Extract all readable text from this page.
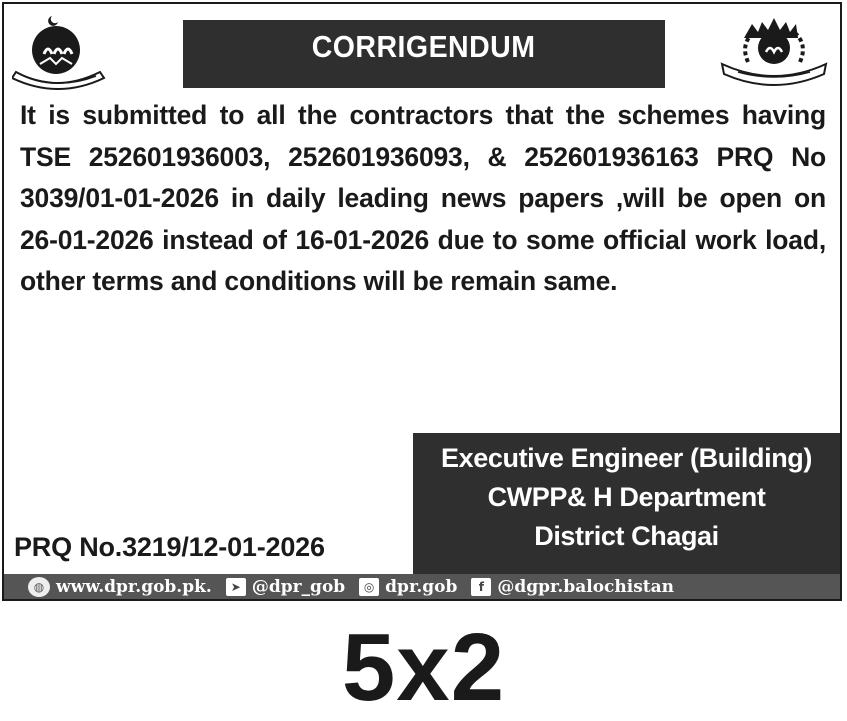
CORRIGENDUM

It is submitted to all the contractors that the schemes having TSE 252601936003, 252601936093, & 252601936163 PRQ No 3039/01-01-2026 in daily leading news papers ,will be open on 26-01-2026 instead of 16-01-2026 due to some official work load, other terms and conditions will be remain same.

Executive Engineer (Building)
CWPP& H Department
District Chagai
PRQ No.3219/12-01-2026
◍ www.dpr.gob.pk.	➤ @dpr_gob	◎ dpr.gob	f @dgpr.balochistan
5x2
